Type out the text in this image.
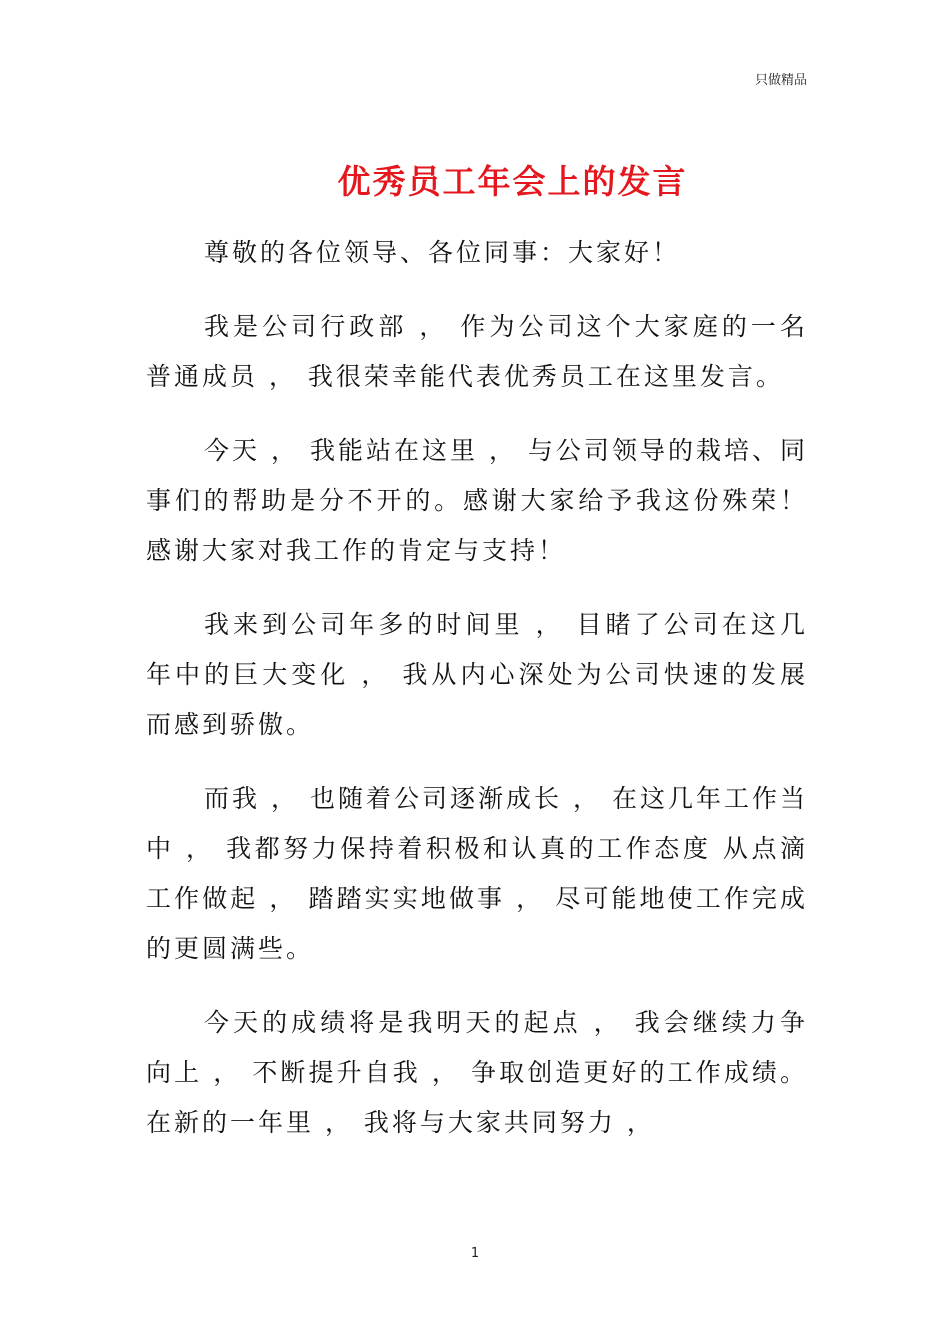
只做精品
优秀员工年会上的发言

尊敬的各位领导、各位同事：大家好！

我是公司行政部 ， 作为公司这个大家庭的一名普通成员 ， 我很荣幸能代表优秀员工在这里发言。

今天 ， 我能站在这里 ， 与公司领导的栽培、同事们的帮助是分不开的。感谢大家给予我这份殊荣！感谢大家对我工作的肯定与支持！

我来到公司年多的时间里 ， 目睹了公司在这几年中的巨大变化 ， 我从内心深处为公司快速的发展而感到骄傲。

而我 ， 也随着公司逐渐成长 ， 在这几年工作当中 ， 我都努力保持着积极和认真的工作态度 从点滴工作做起 ， 踏踏实实地做事 ， 尽可能地使工作完成的更圆满些。

今天的成绩将是我明天的起点 ， 我会继续力争向上 ， 不断提升自我 ， 争取创造更好的工作成绩。在新的一年里 ， 我将与大家共同努力 ，

1
